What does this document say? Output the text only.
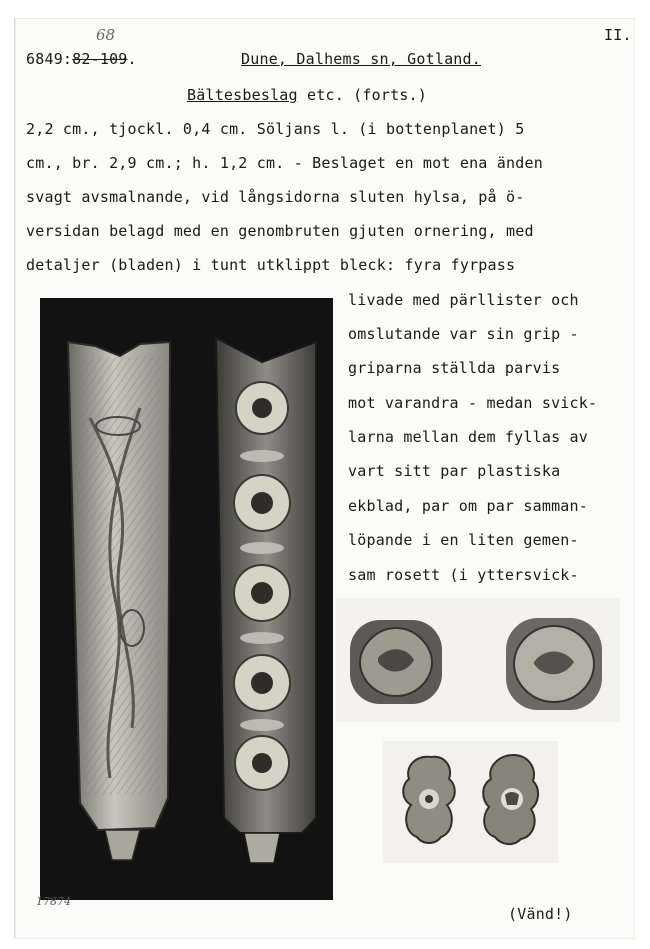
68
6849:82-109.
II.
Dune, Dalhems sn, Gotland.
Bältesbeslag etc. (forts.)
2,2 cm., tjockl. 0,4 cm. Söljans l. (i bottenplanet) 5
cm., br. 2,9 cm.; h. 1,2 cm. - Beslaget en mot ena änden
svagt avsmalnande, vid långsidorna sluten hylsa, på ö-
versidan belagd med en genombruten gjuten ornering, med
detaljer (bladen) i tunt utklippt bleck: fyra fyrpass
livade med pärllister och
omslutande var sin grip -
griparna ställda parvis
mot varandra - medan svick-
larna mellan dem fyllas av
vart sitt par plastiska
ekblad, par om par samman-
löpande i en liten gemen-
sam rosett (i yttersvick-
17874
(Vänd!)
